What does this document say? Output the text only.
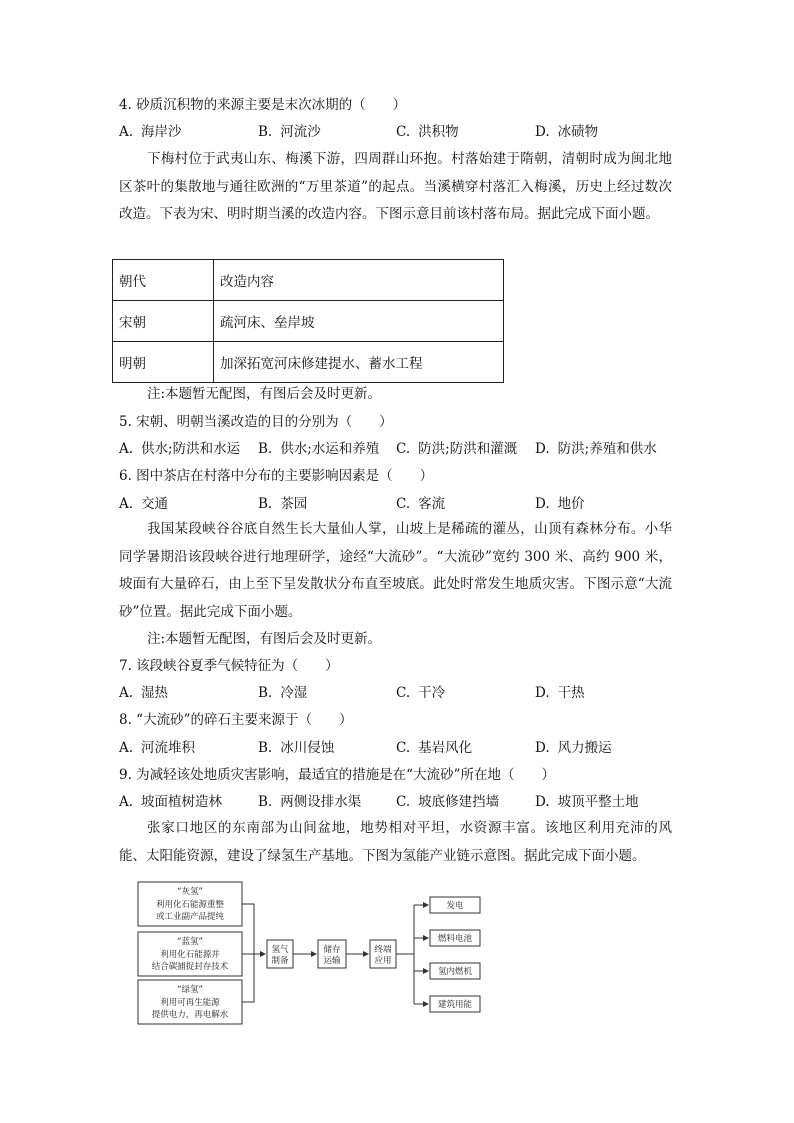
4. 砂质沉积物的来源主要是末次冰期的（　　）
A. 海岸沙	B. 河流沙	C. 洪积物	D. 冰碛物
下梅村位于武夷山东、梅溪下游，四周群山环抱。村落始建于隋朝，清朝时成为闽北地区茶叶的集散地与通往欧洲的“万里茶道”的起点。当溪横穿村落汇入梅溪，历史上经过数次改造。下表为宋、明时期当溪的改造内容。下图示意目前该村落布局。据此完成下面小题。
朝代	改造内容
宋朝	疏河床、垒岸坡
明朝	加深拓宽河床修建提水、蓄水工程
注:本题暂无配图，有图后会及时更新。
5. 宋朝、明朝当溪改造的目的分别为（　　）
A. 供水;防洪和水运 B. 供水;水运和养殖 C. 防洪;防洪和灌溉 D. 防洪;养殖和供水
6. 图中茶店在村落中分布的主要影响因素是（　　）
A. 交通	B. 茶园	C. 客流	D. 地价
我国某段峡谷谷底自然生长大量仙人掌，山坡上是稀疏的灌丛，山顶有森林分布。小华同学暑期沿该段峡谷进行地理研学，途经“大流砂”。“大流砂”宽约 300 米、高约 900 米，坡面有大量碎石，由上至下呈发散状分布直至坡底。此处时常发生地质灾害。下图示意“大流砂”位置。据此完成下面小题。
注:本题暂无配图，有图后会及时更新。
7. 该段峡谷夏季气候特征为（　　）
A. 湿热	B. 冷湿	C. 干冷	D. 干热
8. “大流砂”的碎石主要来源于（　　）
A. 河流堆积	B. 冰川侵蚀	C. 基岩风化	D. 风力搬运
9. 为减轻该处地质灾害影响，最适宜的措施是在“大流砂”所在地（　　）
A. 坡面植树造林	B. 两侧设排水渠	C. 坡底修建挡墙	D. 坡顶平整土地
张家口地区的东南部为山间盆地，地势相对平坦，水资源丰富。该地区利用充沛的风能、太阳能资源，建设了绿氢生产基地。下图为氢能产业链示意图。据此完成下面小题。
“灰氢”
利用化石能源重整
或工业副产品提纯
“蓝氢”
利用化石能源并
结合碳捕捉封存技术
“绿氢”
利用可再生能源
提供电力，再电解水
氢气
制备
储存
运输
终端
应用
发电
燃料电池
氢内燃机
建筑用能
